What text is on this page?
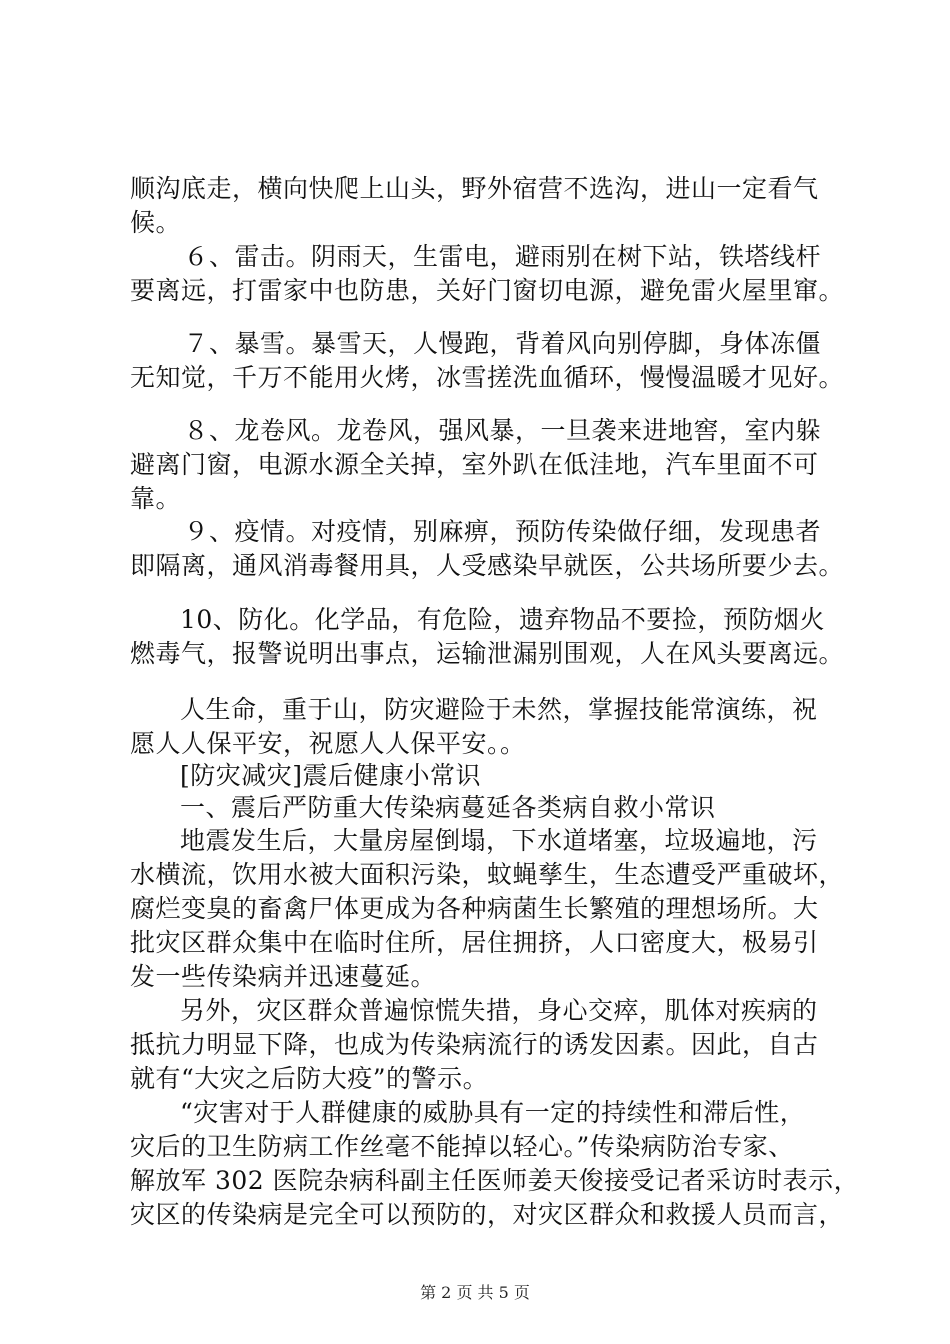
顺沟底走，横向快爬上山头，野外宿营不选沟，进山一定看气
候。
　６、雷击。阴雨天，生雷电，避雨别在树下站，铁塔线杆
要离远，打雷家中也防患，关好门窗切电源，避免雷火屋里窜。
　７、暴雪。暴雪天，人慢跑，背着风向别停脚，身体冻僵
无知觉，千万不能用火烤，冰雪搓洗血循环，慢慢温暖才见好。
　８、龙卷风。龙卷风，强风暴，一旦袭来进地窖，室内躲
避离门窗，电源水源全关掉，室外趴在低洼地，汽车里面不可
靠。
　９、疫情。对疫情，别麻痹，预防传染做仔细，发现患者
即隔离，通风消毒餐用具，人受感染早就医，公共场所要少去。
10、防化。化学品，有危险，遗弃物品不要捡，预防烟火
燃毒气，报警说明出事点，运输泄漏别围观，人在风头要离远。
人生命，重于山，防灾避险于未然，掌握技能常演练，祝
愿人人保平安，祝愿人人保平安。。
[防灾减灾]震后健康小常识
一、震后严防重大传染病蔓延各类病自救小常识
地震发生后，大量房屋倒塌，下水道堵塞，垃圾遍地，污
水横流，饮用水被大面积污染，蚊蝇孳生，生态遭受严重破坏，
腐烂变臭的畜禽尸体更成为各种病菌生长繁殖的理想场所。大
批灾区群众集中在临时住所，居住拥挤，人口密度大，极易引
发一些传染病并迅速蔓延。
另外，灾区群众普遍惊慌失措，身心交瘁，肌体对疾病的
抵抗力明显下降，也成为传染病流行的诱发因素。因此，自古
就有“大灾之后防大疫”的警示。
“灾害对于人群健康的威胁具有一定的持续性和滞后性，
灾后的卫生防病工作丝毫不能掉以轻心。”传染病防治专家、
解放军 302 医院杂病科副主任医师姜天俊接受记者采访时表示，
灾区的传染病是完全可以预防的，对灾区群众和救援人员而言，
第 2 页 共 5 页
